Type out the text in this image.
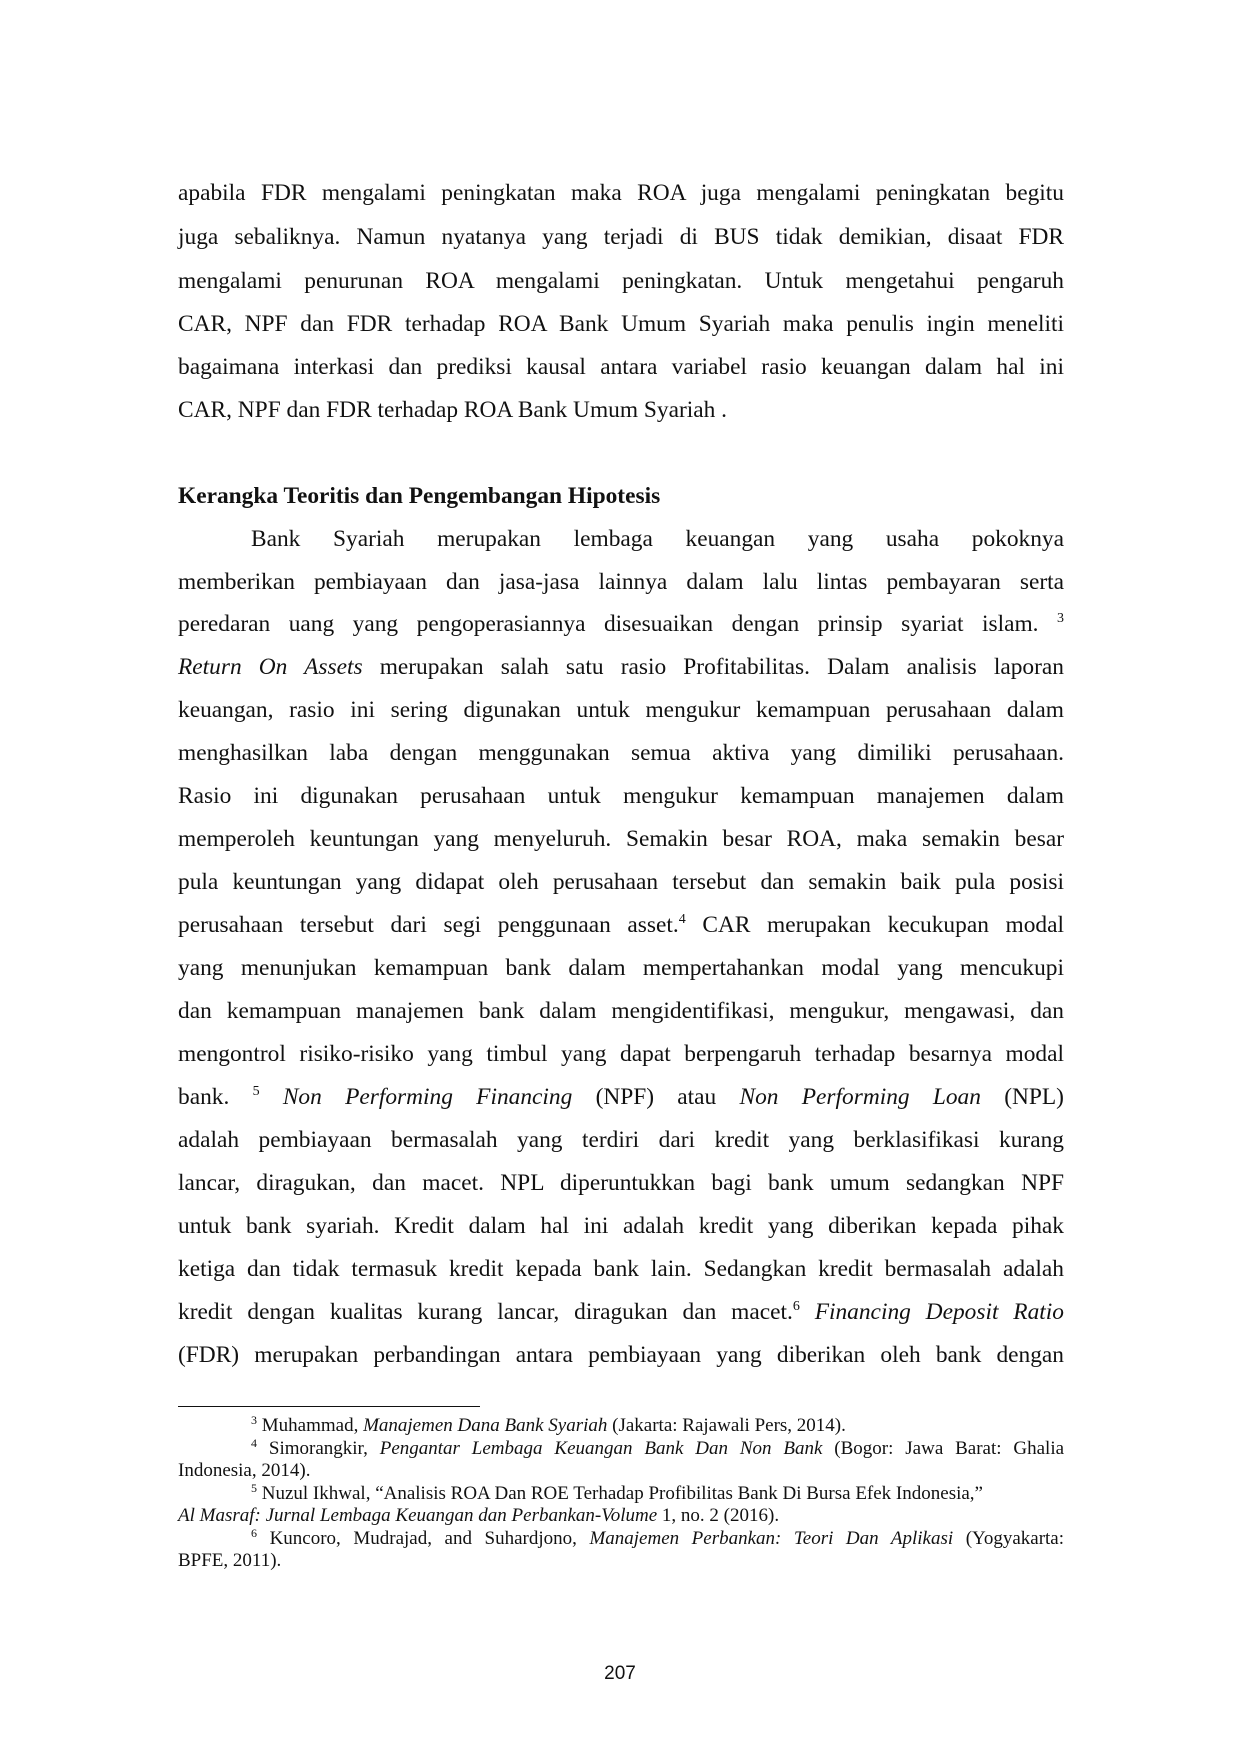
apabila FDR mengalami peningkatan maka ROA juga mengalami peningkatan begitu
juga sebaliknya. Namun nyatanya yang terjadi di BUS tidak demikian, disaat FDR
mengalami penurunan ROA mengalami peningkatan. Untuk mengetahui pengaruh
CAR, NPF dan FDR terhadap ROA Bank Umum Syariah maka penulis ingin meneliti
bagaimana interkasi dan prediksi kausal antara variabel rasio keuangan dalam hal ini
CAR, NPF dan FDR terhadap ROA Bank Umum Syariah .
Kerangka Teoritis dan Pengembangan Hipotesis
Bank Syariah merupakan lembaga keuangan yang usaha pokoknya
memberikan pembiayaan dan jasa-jasa lainnya dalam lalu lintas pembayaran serta
peredaran uang yang pengoperasiannya disesuaikan dengan prinsip syariat islam. $^3$
Return On Assets merupakan salah satu rasio Profitabilitas. Dalam analisis laporan
keuangan, rasio ini sering digunakan untuk mengukur kemampuan perusahaan dalam
menghasilkan laba dengan menggunakan semua aktiva yang dimiliki perusahaan.
Rasio ini digunakan perusahaan untuk mengukur kemampuan manajemen dalam
memperoleh keuntungan yang menyeluruh. Semakin besar ROA, maka semakin besar
pula keuntungan yang didapat oleh perusahaan tersebut dan semakin baik pula posisi
perusahaan tersebut dari segi penggunaan asset.$^4$ CAR merupakan kecukupan modal
yang menunjukan kemampuan bank dalam mempertahankan modal yang mencukupi
dan kemampuan manajemen bank dalam mengidentifikasi, mengukur, mengawasi, dan
mengontrol risiko-risiko yang timbul yang dapat berpengaruh terhadap besarnya modal
bank. $^5$ Non Performing Financing (NPF) atau Non Performing Loan (NPL)
adalah pembiayaan bermasalah yang terdiri dari kredit yang berklasifikasi kurang
lancar, diragukan, dan macet. NPL diperuntukkan bagi bank umum sedangkan NPF
untuk bank syariah. Kredit dalam hal ini adalah kredit yang diberikan kepada pihak
ketiga dan tidak termasuk kredit kepada bank lain. Sedangkan kredit bermasalah adalah
kredit dengan kualitas kurang lancar, diragukan dan macet.$^6$ Financing Deposit Ratio
(FDR) merupakan perbandingan antara pembiayaan yang diberikan oleh bank dengan
$^3$ Muhammad, Manajemen Dana Bank Syariah (Jakarta: Rajawali Pers, 2014).
$^4$ Simorangkir, Pengantar Lembaga Keuangan Bank Dan Non Bank (Bogor: Jawa Barat: Ghalia
Indonesia, 2014).
$^5$ Nuzul Ikhwal, “Analisis ROA Dan ROE Terhadap Profibilitas Bank Di Bursa Efek Indonesia,”
Al Masraf: Jurnal Lembaga Keuangan dan Perbankan-Volume 1, no. 2 (2016).
$^6$ Kuncoro, Mudrajad, and Suhardjono, Manajemen Perbankan: Teori Dan Aplikasi (Yogyakarta:
BPFE, 2011).
207
